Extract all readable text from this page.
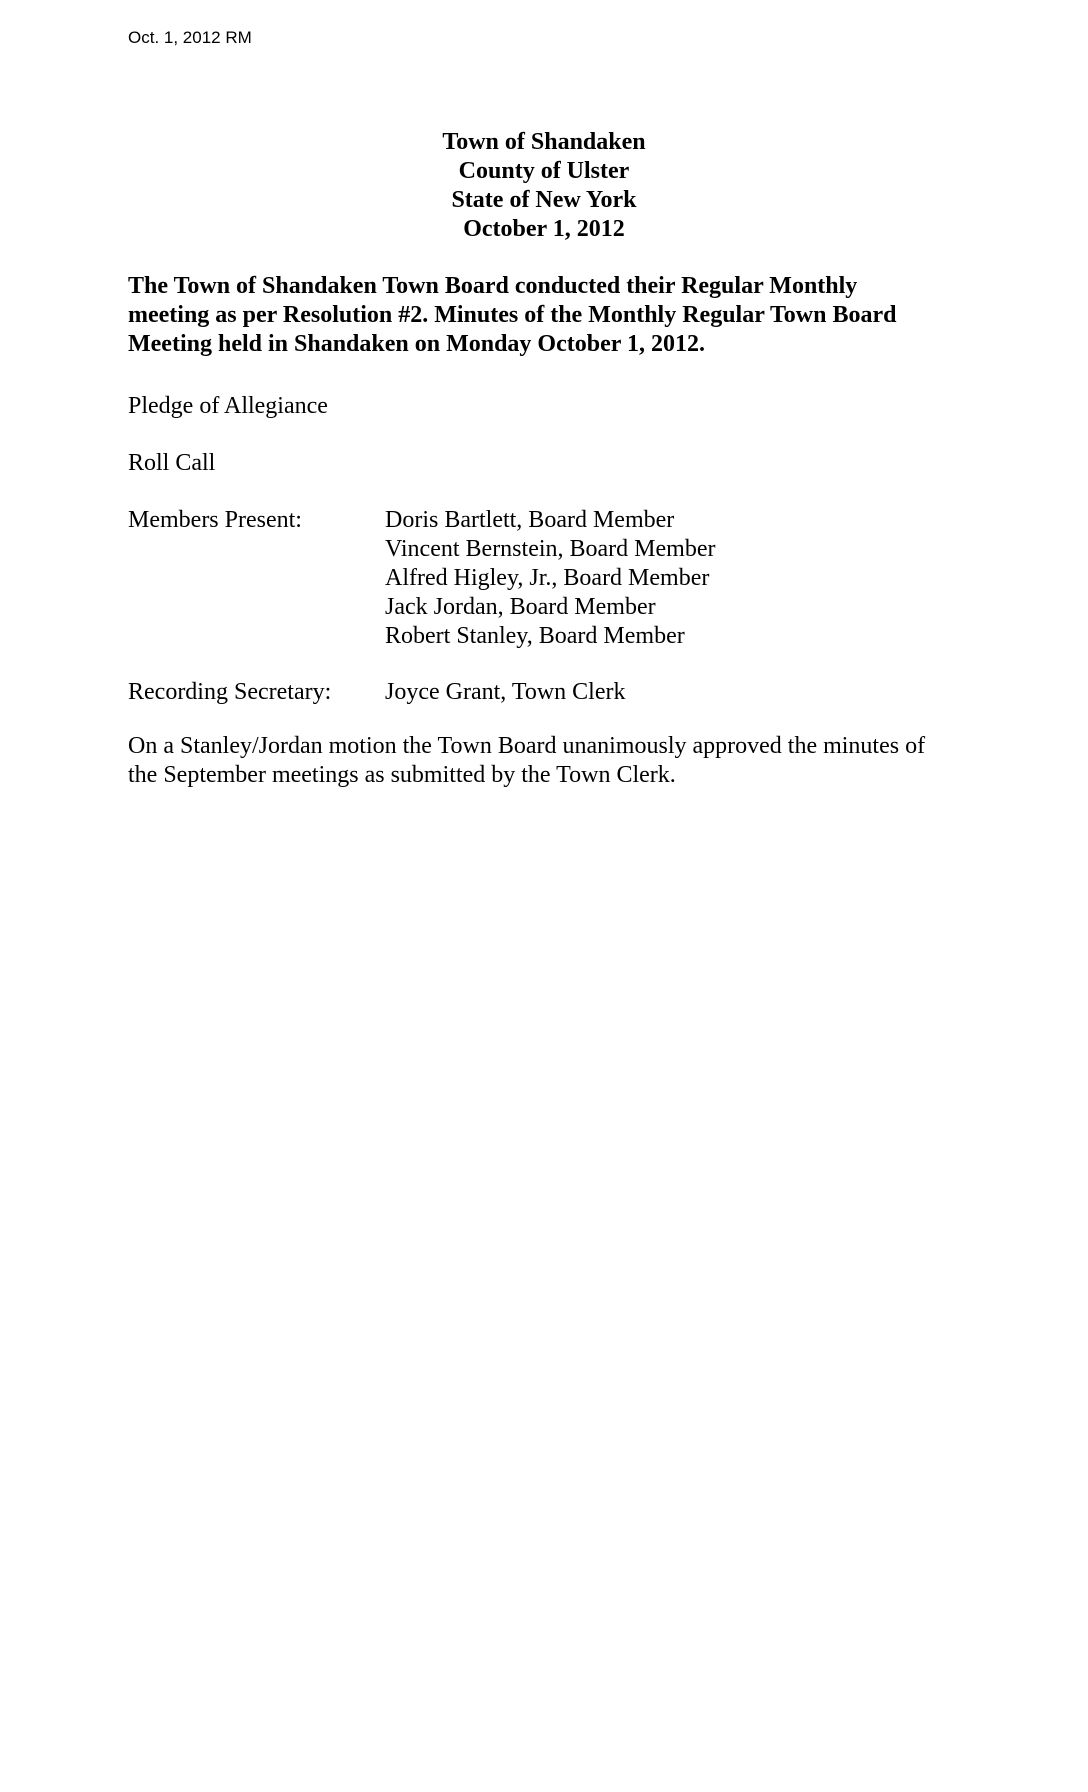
Oct. 1, 2012 RM
Town of Shandaken
County of Ulster
State of New York
October 1, 2012
The Town of Shandaken Town Board conducted their Regular Monthly
meeting as per Resolution #2. Minutes of the Monthly Regular Town Board
Meeting held in Shandaken on Monday October 1, 2012.
Pledge of Allegiance
Roll Call
Members Present:	Doris Bartlett, Board Member
Vincent Bernstein, Board Member
Alfred Higley, Jr., Board Member
Jack Jordan, Board Member
Robert Stanley, Board Member
Recording Secretary: Joyce Grant, Town Clerk
On a Stanley/Jordan motion the Town Board unanimously approved the minutes of
the September meetings as submitted by the Town Clerk.
